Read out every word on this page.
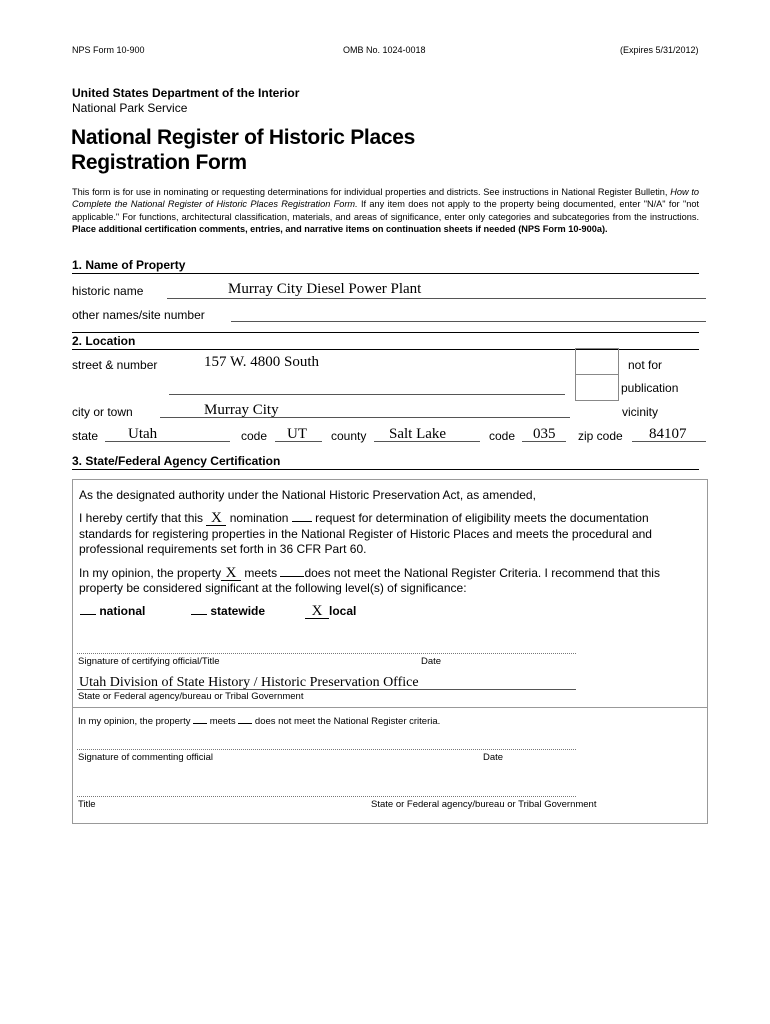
NPS Form 10-900	OMB No. 1024-0018	(Expires 5/31/2012)
United States Department of the Interior
National Park Service
National Register of Historic Places
Registration Form
This form is for use in nominating or requesting determinations for individual properties and districts. See instructions in National Register Bulletin, How to Complete the National Register of Historic Places Registration Form. If any item does not apply to the property being documented, enter "N/A" for "not applicable." For functions, architectural classification, materials, and areas of significance, enter only categories and subcategories from the instructions. Place additional certification comments, entries, and narrative items on continuation sheets if needed (NPS Form 10-900a).
1. Name of Property
historic name	Murray City Diesel Power Plant
other names/site number
2. Location
street & number	157 W. 4800 South	not for
publication
city or town	Murray City	vicinity
state Utah	code UT county Salt Lake	code 035 zip code 84107
3. State/Federal Agency Certification
As the designated authority under the National Historic Preservation Act, as amended,
I hereby certify that this X nomination  request for determination of eligibility meets the documentation
standards for registering properties in the National Register of Historic Places and meets the procedural and
professional requirements set forth in 36 CFR Part 60.
In my opinion, the property X meets does not meet the National Register Criteria. I recommend that this
property be considered significant at the following level(s) of significance:
national	statewide	X local
Signature of certifying official/Title	Date
Utah Division of State History / Historic Preservation Office
State or Federal agency/bureau or Tribal Government
In my opinion, the property  meets  does not meet the National Register criteria.
Signature of commenting official	Date
Title	State or Federal agency/bureau or Tribal Government
